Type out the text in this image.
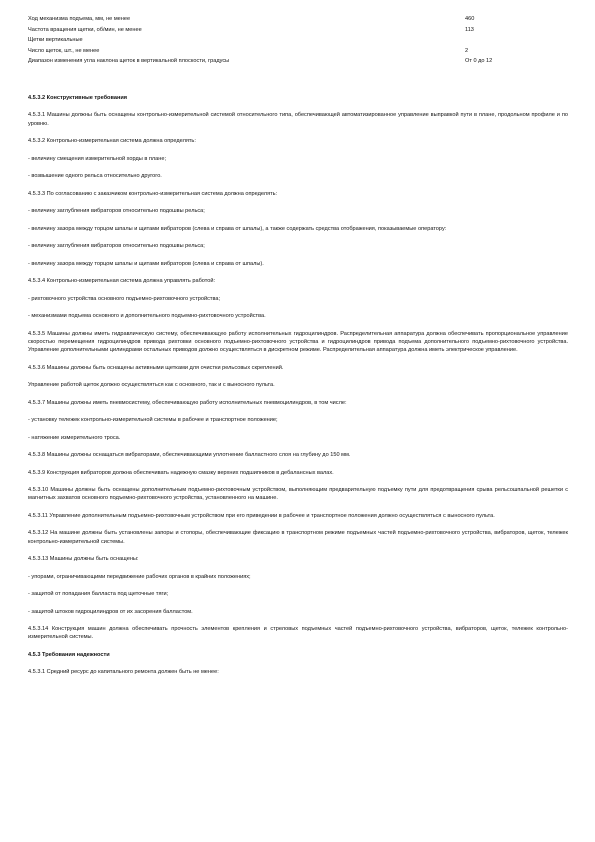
Ход механизма подъема, мм, не менее	460
Частота вращения щетки, об/мин, не менее	113
Щетки вертикальные
Число щеток, шт., не менее	2
Диапазон изменения угла наклона щеток в вертикальной плоскости, градусы	От 0 до 12

4.5.3.2 Конструктивные требования

4.5.3.1 Машины должны быть оснащены контрольно-измерительной системой относительного типа, обеспечивающей автоматизированное управление выправкой пути в плане, продольном профиле и по уровню.

4.5.3.2 Контрольно-измерительная система должна определять:

- величину смещения измерительной хорды в плане;

- возвышение одного рельса относительно другого.

4.5.3.3 По согласованию с заказчиком контрольно-измерительная система должна определять:

- величину заглубления вибраторов относительно подошвы рельса;

- величину зазора между торцом шпалы и щитами вибраторов (слева и справа от шпалы), а также содержать средства отображения, показываемые оператору:

- величину заглубления вибраторов относительно подошвы рельса;

- величину зазора между торцом шпалы и щитами вибраторов (слева и справа от шпалы).

4.5.3.4 Контрольно-измерительная система должна управлять работой:

- рихтовочного устройства основного подъемно-рихтовочного устройства;

- механизмами подъема основного и дополнительного подъемно-рихтовочного устройства.

4.5.3.5 Машины должны иметь гидравлическую систему, обеспечивающую работу исполнительных гидроцилиндров. Распределительная аппаратура должна обеспечивать пропорциональное управление скоростью перемещения гидроцилиндров привода рихтовки основного подъемно-рихтовочного устройства и гидроцилиндров привода подъема дополнительного подъемно-рихтовочного устройства. Управление дополнительными цилиндрами остальных приводов должно осуществляться в дискретном режиме. Распределительная аппаратура должна иметь электрическое управление.

4.5.3.6 Машины должны быть оснащены активными щетками для очистки рельсовых скреплений.

Управление работой щеток должно осуществляться как с основного, так и с выносного пульта.

4.5.3.7 Машины должны иметь пневмосистему, обеспечивающую работу исполнительных пневмоцилиндров, в том числе:

- установку тележек контрольно-измерительной системы в рабочее и транспортное положение;

- натяжение измерительного троса.

4.5.3.8 Машины должны оснащаться вибраторами, обеспечивающими уплотнение балластного слоя на глубину до 150 мм.

4.5.3.9 Конструкция вибраторов должна обеспечивать надежную смазку верхних подшипников в дебалансных валах.

4.5.3.10 Машины должны быть оснащены дополнительным подъемно-рихтовочным устройством, выполняющим предварительную подъемку пути для предотвращения срыва рельсошпальной решетки с магнитных захватов основного подъемно-рихтовочного устройства, установленного на машине.

4.5.3.11 Управление дополнительным подъемно-рихтовочным устройством при его приведении в рабочее и транспортное положения должно осуществляться с выносного пульта.

4.5.3.12 На машине должны быть установлены запоры и стопоры, обеспечивающие фиксацию в транспортном режиме подъемных частей подъемно-рихтовочного устройства, вибраторов, щеток, тележек контрольно-измерительной системы.

4.5.3.13 Машины должны быть оснащены:

- упорами, ограничивающими передвижение рабочих органов в крайних положениях;

- защитой от попадания балласта под щеточные тяги;

- защитой штоков гидроцилиндров от их засорения балластом.

4.5.3.14 Конструкция машин должна обеспечивать прочность элементов крепления и стреловых подъемных частей подъемно-рихтовочного устройства, вибраторов, щеток, тележек контрольно-измерительной системы.

4.5.3 Требования надежности

4.5.3.1 Средний ресурс до капитального ремонта должен быть не менее:
